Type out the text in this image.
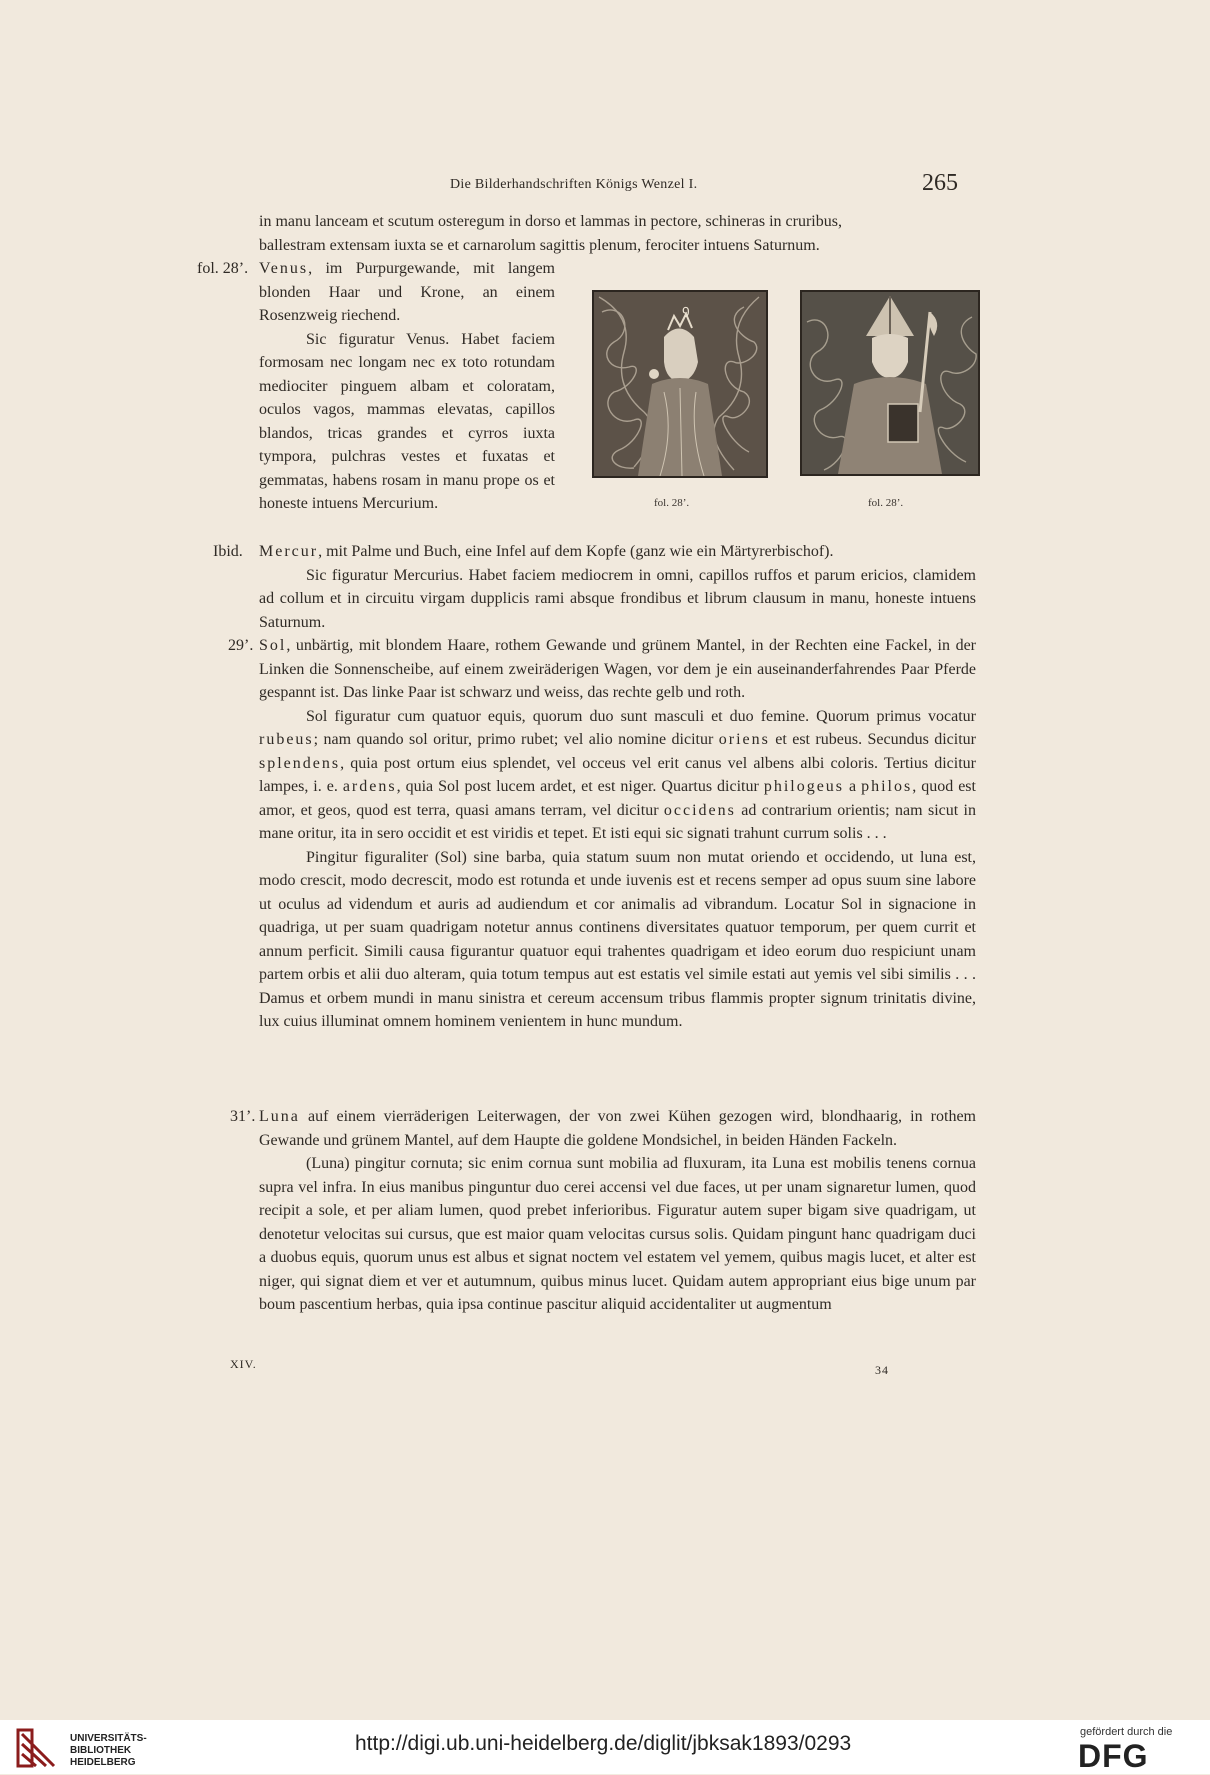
Die Bilderhandschriften Königs Wenzel I.	265

in manu lanceam et scutum osteregum in dorso et lammas in pectore, schineras in cruribus,

ballestram extensam iuxta se et carnarolum sagittis plenum, ferociter intuens Saturnum.

fol. 28’. Venus, im Purpurgewande, mit langem blonden Haar und Krone, an einem Rosenzweig riechend.

Sic figuratur Venus. Habet faciem formosam nec longam nec ex toto rotundam mediociter pinguem albam et coloratam, oculos vagos, mammas elevatas, capillos blandos, tricas grandes et cyrros iuxta tympora, pulchras vestes et fuxatas et gemmatas, habens rosam in manu prope os et honeste intuens Mercurium.

ꝯ
fol. 28’.	fol. 28’.
Ibid. Mercur, mit Palme und Buch, eine Infel auf dem Kopfe (ganz wie ein Märtyrerbischof).

Sic figuratur Mercurius. Habet faciem mediocrem in omni, capillos ruffos et parum ericios, clamidem ad collum et in circuitu virgam dupplicis rami absque frondibus et librum clausum in manu, honeste intuens Saturnum.

29’. Sol, unbärtig, mit blondem Haare, rothem Gewande und grünem Mantel, in der Rechten eine Fackel, in der Linken die Sonnenscheibe, auf einem zweiräderigen Wagen, vor dem je ein auseinanderfahrendes Paar Pferde gespannt ist. Das linke Paar ist schwarz und weiss, das rechte gelb und roth.

Sol figuratur cum quatuor equis, quorum duo sunt masculi et duo femine. Quorum primus vocatur rubeus; nam quando sol oritur, primo rubet; vel alio nomine dicitur oriens et est rubeus. Secundus dicitur splendens, quia post ortum eius splendet, vel occeus vel erit canus vel albens albi coloris. Tertius dicitur lampes, i. e. ardens, quia Sol post lucem ardet, et est niger. Quartus dicitur philogeus a philos, quod est amor, et geos, quod est terra, quasi amans terram, vel dicitur occidens ad contrarium orientis; nam sicut in mane oritur, ita in sero occidit et est viridis et tepet. Et isti equi sic signati trahunt currum solis . . .

Pingitur figuraliter (Sol) sine barba, quia statum suum non mutat oriendo et occidendo, ut luna est, modo crescit, modo decrescit, modo est rotunda et unde iuvenis est et recens semper ad opus suum sine labore ut oculus ad videndum et auris ad audiendum et cor animalis ad vibrandum. Locatur Sol in signacione in quadriga, ut per suam quadrigam notetur annus continens diversitates quatuor temporum, per quem currit et annum perficit. Simili causa figurantur quatuor equi trahentes quadrigam et ideo eorum duo respiciunt unam partem orbis et alii duo alteram, quia totum tempus aut est estatis vel simile estati aut yemis vel sibi similis . . . Damus et orbem mundi in manu sinistra et cereum accensum tribus flammis propter signum trinitatis divine, lux cuius illuminat omnem hominem venientem in hunc mundum.

31’. Luna auf einem vierräderigen Leiterwagen, der von zwei Kühen gezogen wird, blondhaarig, in rothem Gewande und grünem Mantel, auf dem Haupte die goldene Mondsichel, in beiden Händen Fackeln.

(Luna) pingitur cornuta; sic enim cornua sunt mobilia ad fluxuram, ita Luna est mobilis tenens cornua supra vel infra. In eius manibus pinguntur duo cerei accensi vel due faces, ut per unam signaretur lumen, quod recipit a sole, et per aliam lumen, quod prebet inferioribus. Figuratur autem super bigam sive quadrigam, ut denotetur velocitas sui cursus, que est maior quam velocitas cursus solis. Quidam pingunt hanc quadrigam duci a duobus equis, quorum unus est albus et signat noctem vel estatem vel yemem, quibus magis lucet, et alter est niger, qui signat diem et ver et autumnum, quibus minus lucet. Quidam autem appropriant eius bige unum par boum pascentium herbas, quia ipsa continue pascitur aliquid accidentaliter ut augmentum

XIV.	34
UNIVERSITÄTS-
BIBLIOTHEK
HEIDELBERG
http://digi.ub.uni-heidelberg.de/diglit/jbksak1893/0293	gefördert durch die
DFG
